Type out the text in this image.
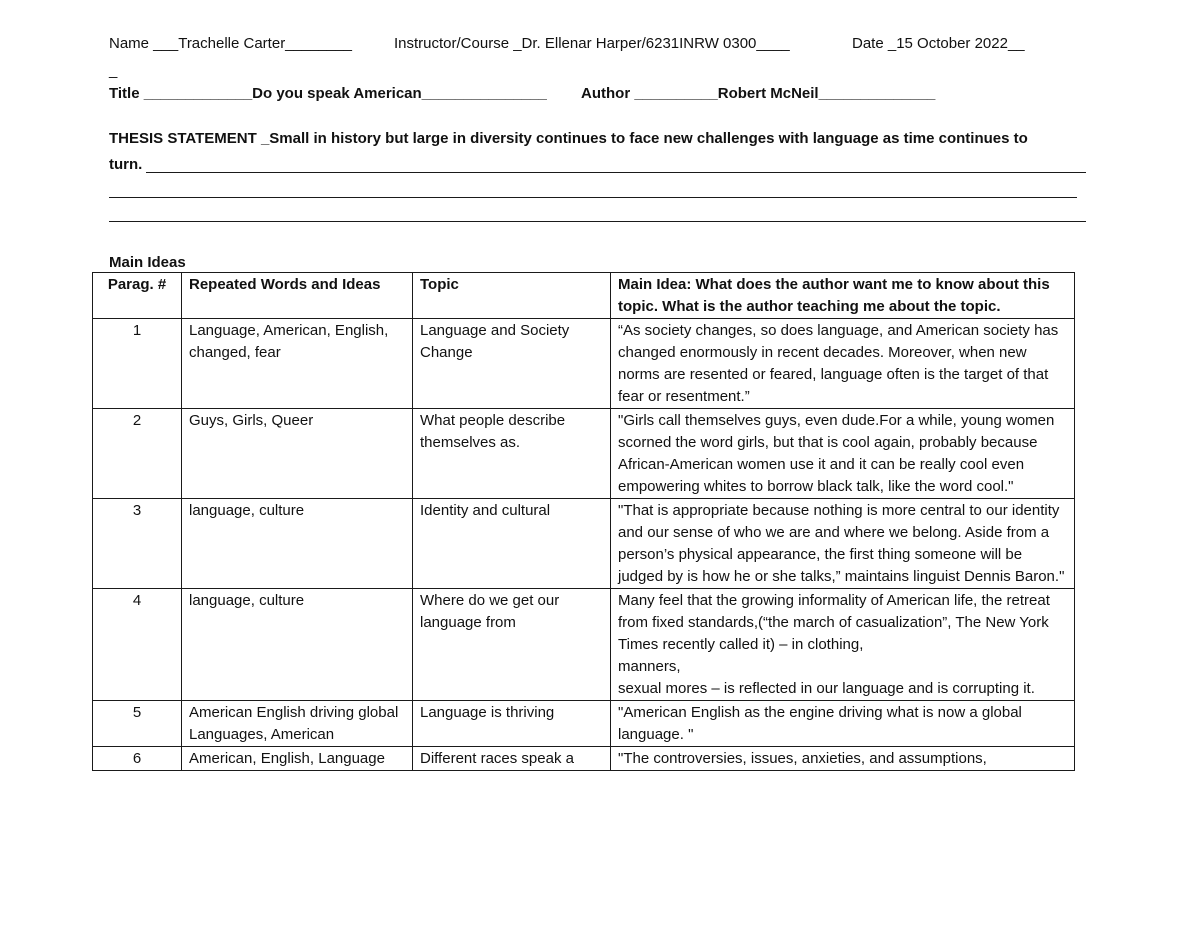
Name ___Trachelle Carter________	Instructor/Course _Dr. Ellenar Harper/6231INRW 0300____	Date _15 October 2022__
_
Title _____________Do you speak American_______________ Author __________Robert McNeil______________
THESIS STATEMENT _Small in history but large in diversity continues to face new challenges with language as time continues to
turn.
Main Ideas
Parag. #	Repeated Words and Ideas	Topic	Main Idea: What does the author want me to know about this topic. What is the author teaching me about the topic.
1	Language, American, English, changed, fear	Language and Society Change	“As society changes, so does language, and American society has changed enormously in recent decades. Moreover, when new norms are resented or feared, language often is the target of that fear or resentment.”
2	Guys, Girls, Queer	What people describe themselves as.	"Girls call themselves guys, even dude.For a while, young women scorned the word girls, but that is cool again, probably because African-American women use it and it can be really cool even empowering whites to borrow black talk, like the word cool."
3	language, culture	Identity and cultural	"That is appropriate because nothing is more central to our identity and our sense of who we are and where we belong. Aside from a person’s physical appearance, the first thing someone will be judged by is how he or she talks,” maintains linguist Dennis Baron."
4	language, culture	Where do we get our language from	Many feel that the growing informality of American life, the retreat from fixed standards,(“the march of casualization”, The New York Times recently called it) – in clothing,
manners,
sexual mores – is reflected in our language and is corrupting it.
5	American English driving global Languages, American	Language is thriving	"American English as the engine driving what is now a global language. "
6	American, English, Language	Different races speak a	"The controversies, issues, anxieties, and assumptions,
